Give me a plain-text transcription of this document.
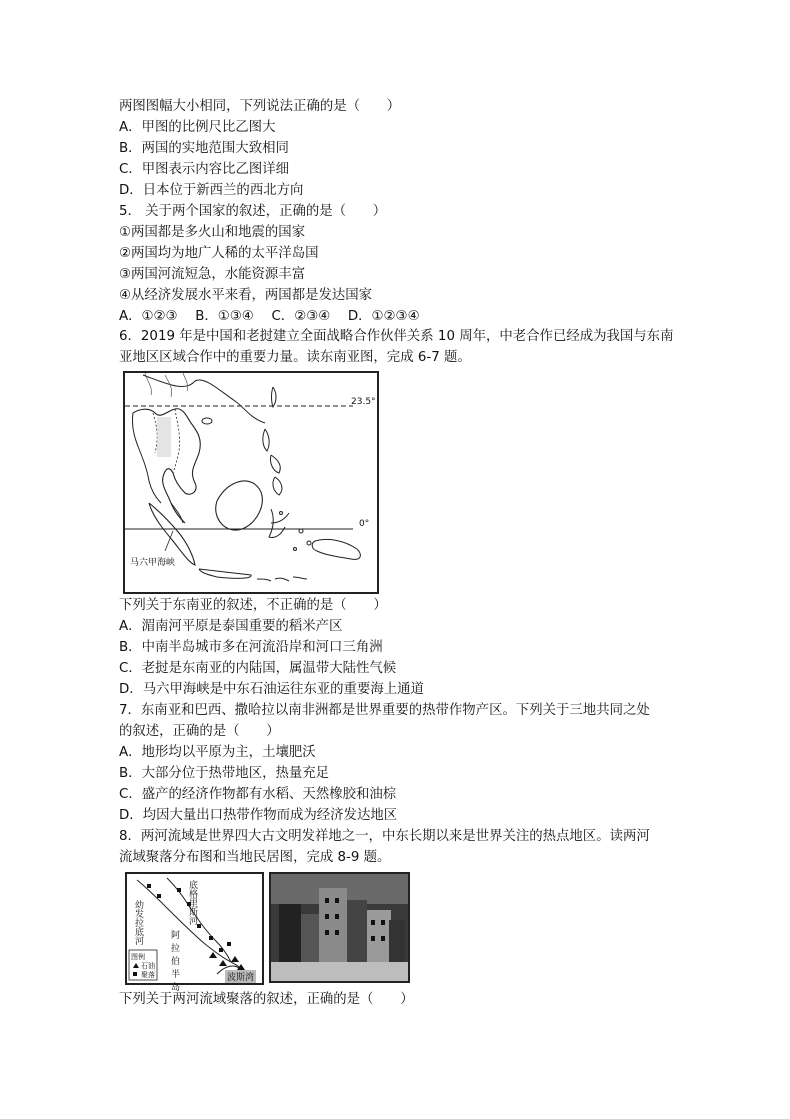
两图图幅大小相同，下列说法正确的是（　　）
A．甲图的比例尺比乙图大
B．两国的实地范围大致相同
C．甲图表示内容比乙图详细
D．日本位于新西兰的西北方向
5． 关于两个国家的叙述，正确的是（　　）
①两国都是多火山和地震的国家
②两国均为地广人稀的太平洋岛国
③两国河流短急，水能资源丰富
④从经济发展水平来看，两国都是发达国家
A．①②③　 B．①③④　 C．②③④　 D．①②③④
6．2019 年是中国和老挝建立全面战略合作伙伴关系 10 周年，中老合作已经成为我国与东南
亚地区区域合作中的重要力量。读东南亚图，完成 6-7 题。
23.5°
0°
马六甲海峡
下列关于东南亚的叙述，不正确的是（　　）
A．湄南河平原是泰国重要的稻米产区
B．中南半岛城市多在河流沿岸和河口三角洲
C．老挝是东南亚的内陆国，属温带大陆性气候
D．马六甲海峡是中东石油运往东亚的重要海上通道
7．东南亚和巴西、撒哈拉以南非洲都是世界重要的热带作物产区。下列关于三地共同之处
的叙述，正确的是（　　）
A．地形均以平原为主，土壤肥沃
B．大部分位于热带地区，热量充足
C．盛产的经济作物都有水稻、天然橡胶和油棕
D．均因大量出口热带作物而成为经济发达地区
8．两河流域是世界四大古文明发祥地之一，中东长期以来是世界关注的热点地区。读两河
流域聚落分布图和当地民居图，完成 8-9 题。
幼发拉底河
底格里斯河
阿拉伯半岛
波斯湾
图例
石油
聚落
下列关于两河流域聚落的叙述，正确的是（　　）
